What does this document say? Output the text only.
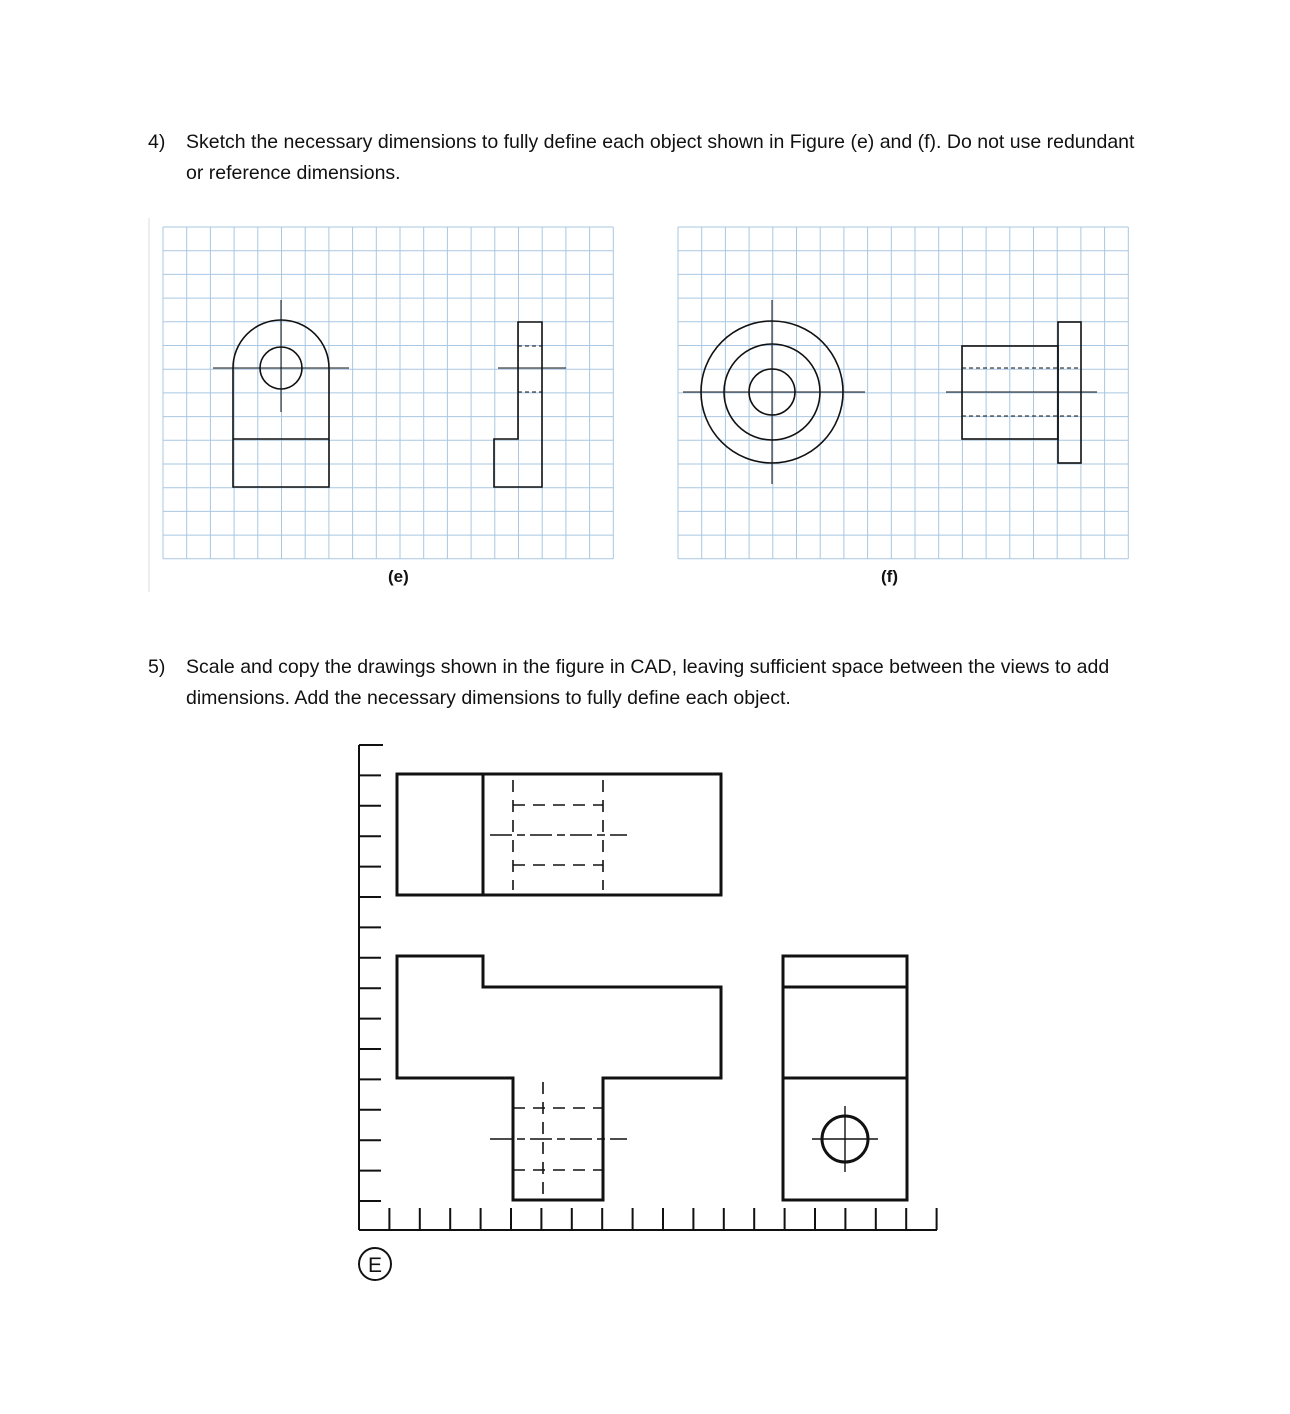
4) Sketch the necessary dimensions to fully define each object shown in Figure (e) and (f). Do not use redundant or reference dimensions.
5) Scale and copy the drawings shown in the figure in CAD, leaving sufficient space between the views to add dimensions. Add the necessary dimensions to fully define each object.
(e)	(f)
E
